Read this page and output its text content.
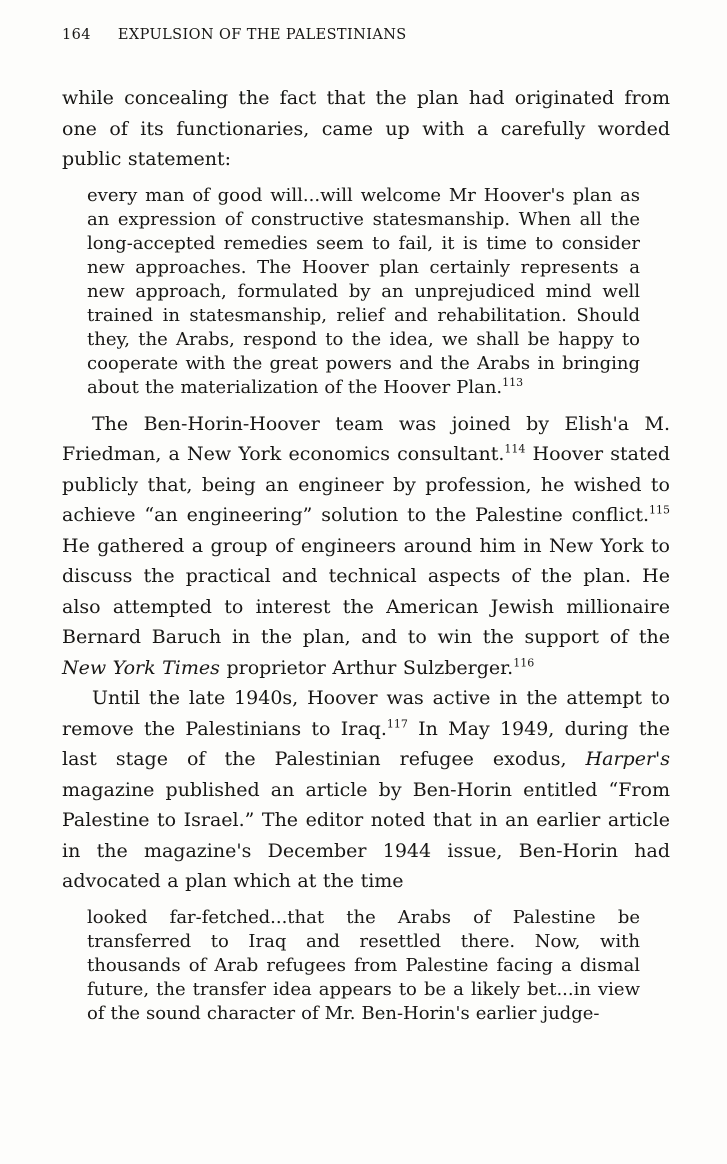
164 EXPULSION OF THE PALESTINIANS

while concealing the fact that the plan had originated from one of its functionaries, came up with a carefully worded public statement:

every man of good will...will welcome Mr Hoover's plan as an expression of constructive statesmanship. When all the long-accepted remedies seem to fail, it is time to consider new approaches. The Hoover plan certainly represents a new approach, formulated by an unprejudiced mind well trained in statesmanship, relief and rehabilitation. Should they, the Arabs, respond to the idea, we shall be happy to cooperate with the great powers and the Arabs in bringing about the materialization of the Hoover Plan.$^{113}$

The Ben-Horin-Hoover team was joined by Elish'a M. Friedman, a New York economics consultant.$^{114}$ Hoover stated publicly that, being an engineer by profession, he wished to achieve “an engineering” solution to the Palestine conflict.$^{115}$ He gathered a group of engineers around him in New York to discuss the practical and technical aspects of the plan. He also attempted to interest the American Jewish millionaire Bernard Baruch in the plan, and to win the support of the New York Times proprietor Arthur Sulzberger.$^{116}$

Until the late 1940s, Hoover was active in the attempt to remove the Palestinians to Iraq.$^{117}$ In May 1949, during the last stage of the Palestinian refugee exodus, Harper's magazine published an article by Ben-Horin entitled “From Palestine to Israel.” The editor noted that in an earlier article in the magazine's December 1944 issue, Ben-Horin had advocated a plan which at the time

looked far-fetched...that the Arabs of Palestine be transferred to Iraq and resettled there. Now, with thousands of Arab refugees from Palestine facing a dismal future, the transfer idea appears to be a likely bet...in view of the sound character of Mr. Ben-Horin's earlier judge-
